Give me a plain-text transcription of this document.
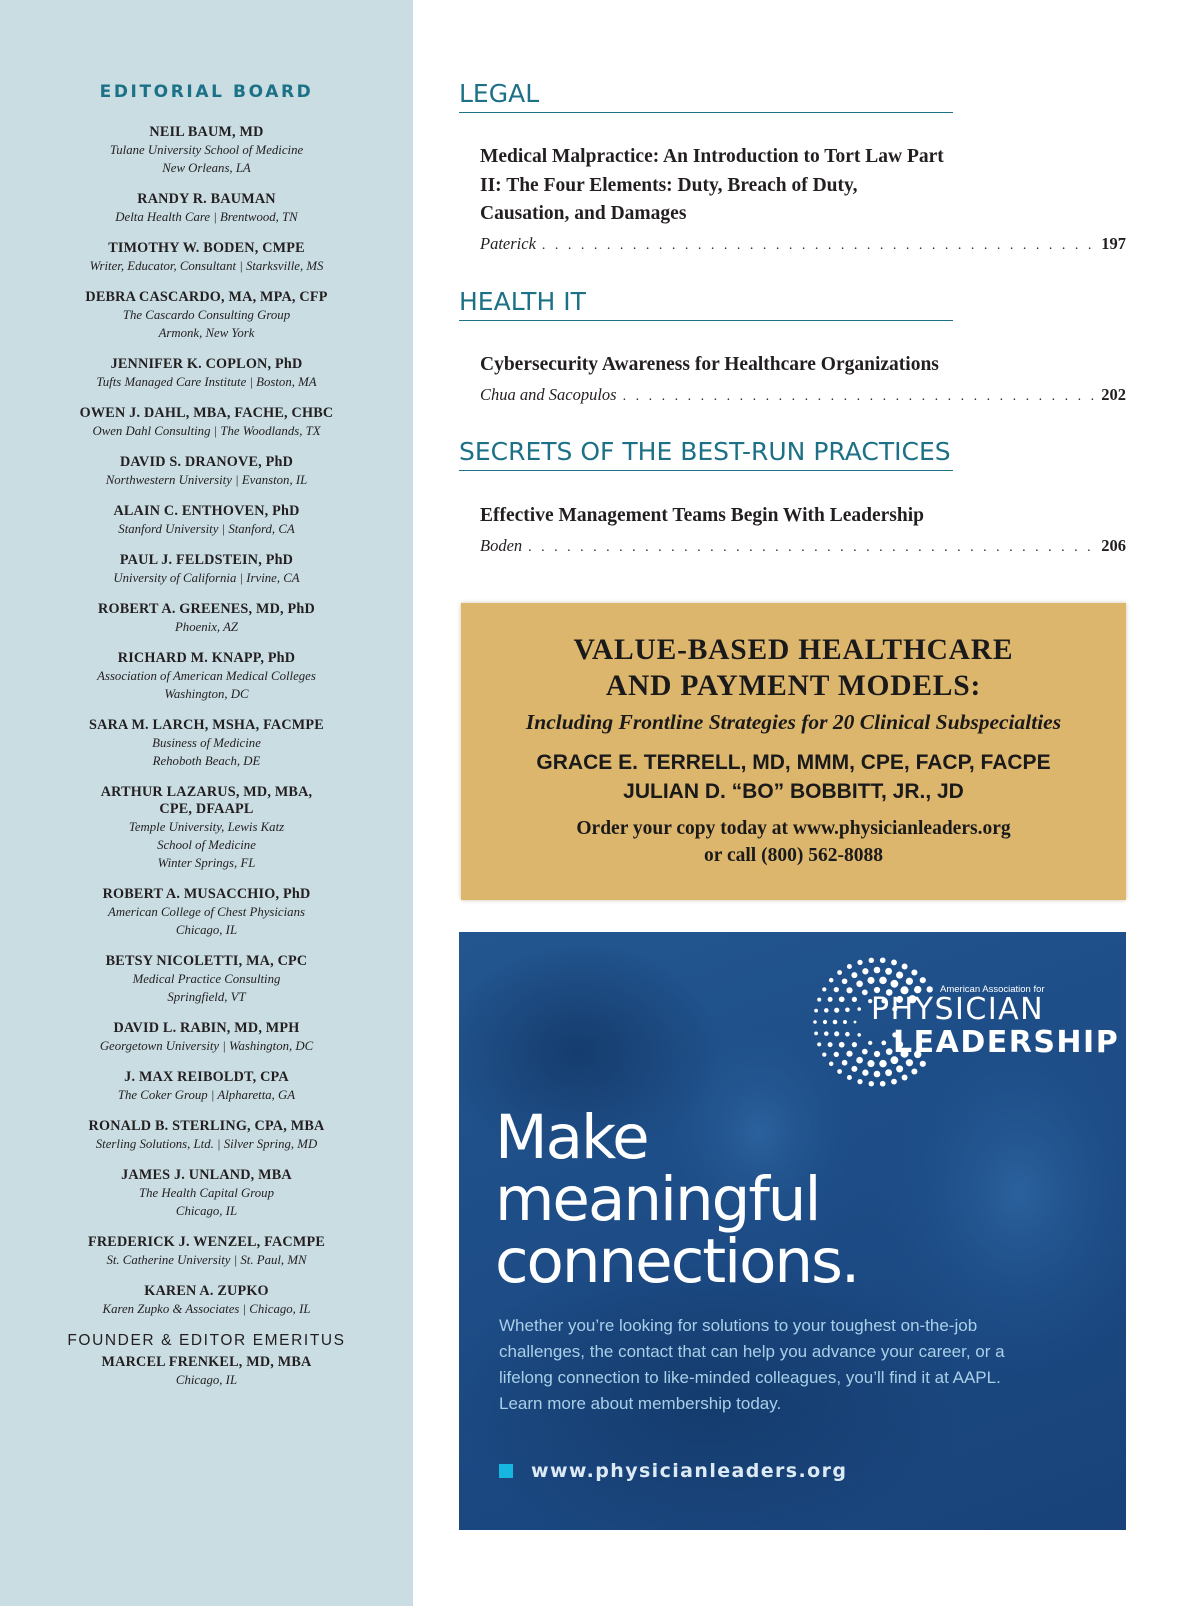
EDITORIAL BOARD
NEIL BAUM, MD
Tulane University School of Medicine
New Orleans, LA
RANDY R. BAUMAN
Delta Health Care | Brentwood, TN
TIMOTHY W. BODEN, CMPE
Writer, Educator, Consultant | Starksville, MS
DEBRA CASCARDO, MA, MPA, CFP
The Cascardo Consulting Group
Armonk, New York
JENNIFER K. COPLON, PhD
Tufts Managed Care Institute | Boston, MA
OWEN J. DAHL, MBA, FACHE, CHBC
Owen Dahl Consulting | The Woodlands, TX
DAVID S. DRANOVE, PhD
Northwestern University | Evanston, IL
ALAIN C. ENTHOVEN, PhD
Stanford University | Stanford, CA
PAUL J. FELDSTEIN, PhD
University of California | Irvine, CA
ROBERT A. GREENES, MD, PhD
Phoenix, AZ
RICHARD M. KNAPP, PhD
Association of American Medical Colleges
Washington, DC
SARA M. LARCH, MSHA, FACMPE
Business of Medicine
Rehoboth Beach, DE
ARTHUR LAZARUS, MD, MBA,
CPE, DFAAPL
Temple University, Lewis Katz
School of Medicine
Winter Springs, FL
ROBERT A. MUSACCHIO, PhD
American College of Chest Physicians
Chicago, IL
BETSY NICOLETTI, MA, CPC
Medical Practice Consulting
Springfield, VT
DAVID L. RABIN, MD, MPH
Georgetown University | Washington, DC
J. MAX REIBOLDT, CPA
The Coker Group | Alpharetta, GA
RONALD B. STERLING, CPA, MBA
Sterling Solutions, Ltd. | Silver Spring, MD
JAMES J. UNLAND, MBA
The Health Capital Group
Chicago, IL
FREDERICK J. WENZEL, FACMPE
St. Catherine University | St. Paul, MN
KAREN A. ZUPKO
Karen Zupko & Associates | Chicago, IL
FOUNDER & EDITOR EMERITUS
MARCEL FRENKEL, MD, MBA
Chicago, IL
LEGAL
Medical Malpractice: An Introduction to Tort Law Part II: The Four Elements: Duty, Breach of Duty, Causation, and Damages
Paterick . . .	197
HEALTH IT
Cybersecurity Awareness for Healthcare Organizations
Chua and Sacopulos . . .	202
SECRETS OF THE BEST-RUN PRACTICES
Effective Management Teams Begin With Leadership
Boden . . .	206
VALUE-BASED HEALTHCARE
AND PAYMENT MODELS:
Including Frontline Strategies for 20 Clinical Subspecialties
GRACE E. TERRELL, MD, MMM, CPE, FACP, FACPE
JULIAN D. “BO” BOBBITT, JR., JD
Order your copy today at www.physicianleaders.org
or call (800) 562-8088
American Association for
PHYSICIAN
LEADERSHIP
Make
meaningful
connections.
Whether you’re looking for solutions to your toughest on-the-job challenges, the contact that can help you advance your career, or a lifelong connection to like-minded colleagues, you’ll find it at AAPL. Learn more about membership today.
www.physicianleaders.org
